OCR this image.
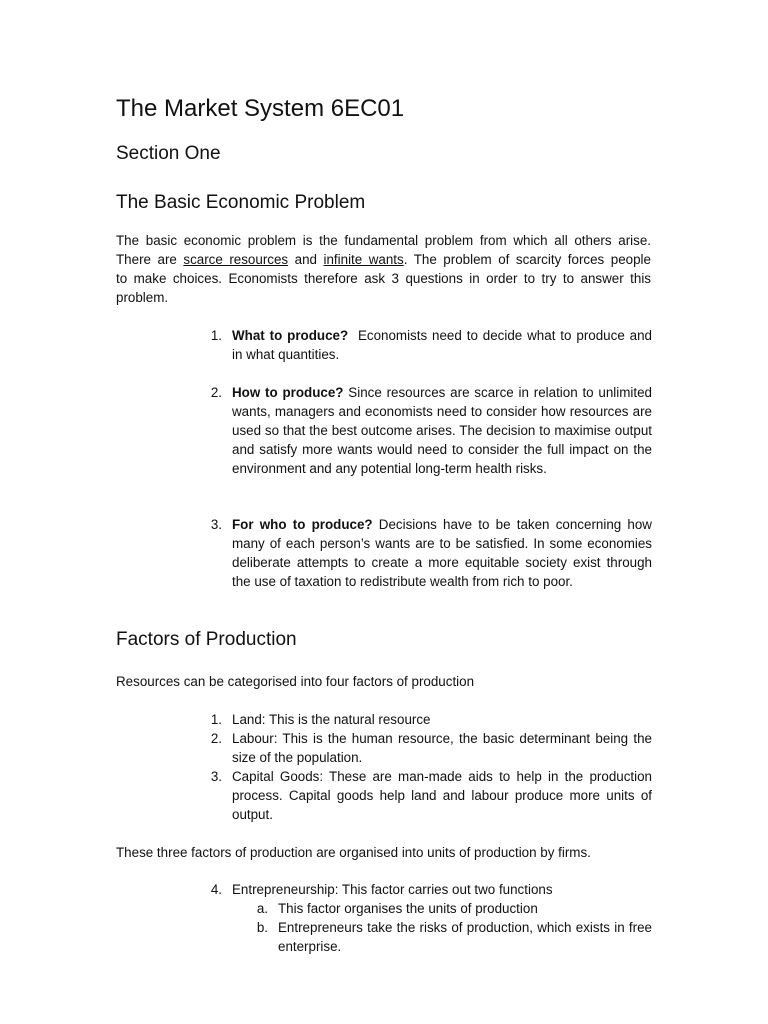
The Market System 6EC01
Section One
The Basic Economic Problem
The basic economic problem is the fundamental problem from which all others arise.
There are scarce resources and infinite wants. The problem of scarcity forces people
to make choices. Economists therefore ask 3 questions in order to try to answer this
problem.
1. What to produce?  Economists need to decide what to produce and in what quantities.
2. How to produce? Since resources are scarce in relation to unlimited wants, managers and economists need to consider how resources are used so that the best outcome arises. The decision to maximise output and satisfy more wants would need to consider the full impact on the environment and any potential long-term health risks.
3. For who to produce? Decisions have to be taken concerning how many of each person’s wants are to be satisfied. In some economies deliberate attempts to create a more equitable society exist through the use of taxation to redistribute wealth from rich to poor.
Factors of Production
Resources can be categorised into four factors of production
1. Land: This is the natural resource
2. Labour: This is the human resource, the basic determinant being the size of the population.
3. Capital Goods: These are man-made aids to help in the production process. Capital goods help land and labour produce more units of output.
These three factors of production are organised into units of production by firms.
4. Entrepreneurship: This factor carries out two functions
a. This factor organises the units of production
b. Entrepreneurs take the risks of production, which exists in free enterprise.
